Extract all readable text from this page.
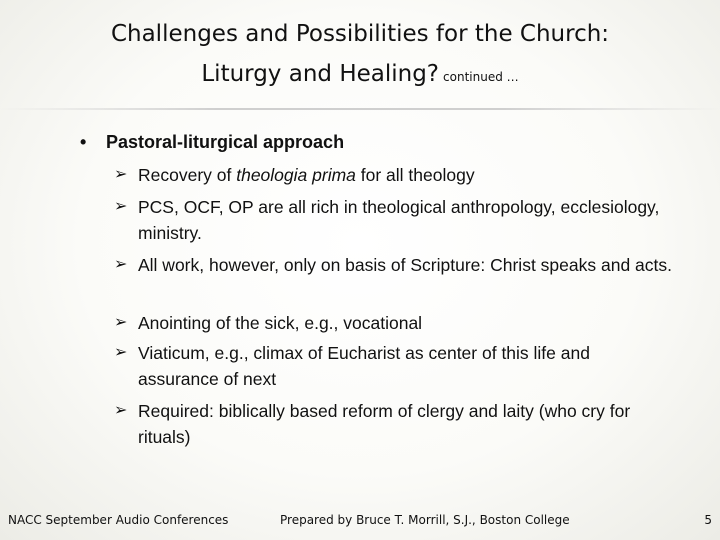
Challenges and Possibilities for the Church:
Liturgy and Healing? continued …
• Pastoral-liturgical approach
➢ Recovery of theologia prima for all theology
➢ PCS, OCF, OP are all rich in theological anthropology, ecclesiology, ministry.
➢ All work, however, only on basis of Scripture: Christ speaks and acts.
➢ Anointing of the sick, e.g., vocational
➢ Viaticum, e.g., climax of Eucharist as center of this life and assurance of next
➢ Required: biblically based reform of clergy and laity (who cry for rituals)
NACC September Audio Conferences	Prepared by Bruce T. Morrill, S.J., Boston College	5
